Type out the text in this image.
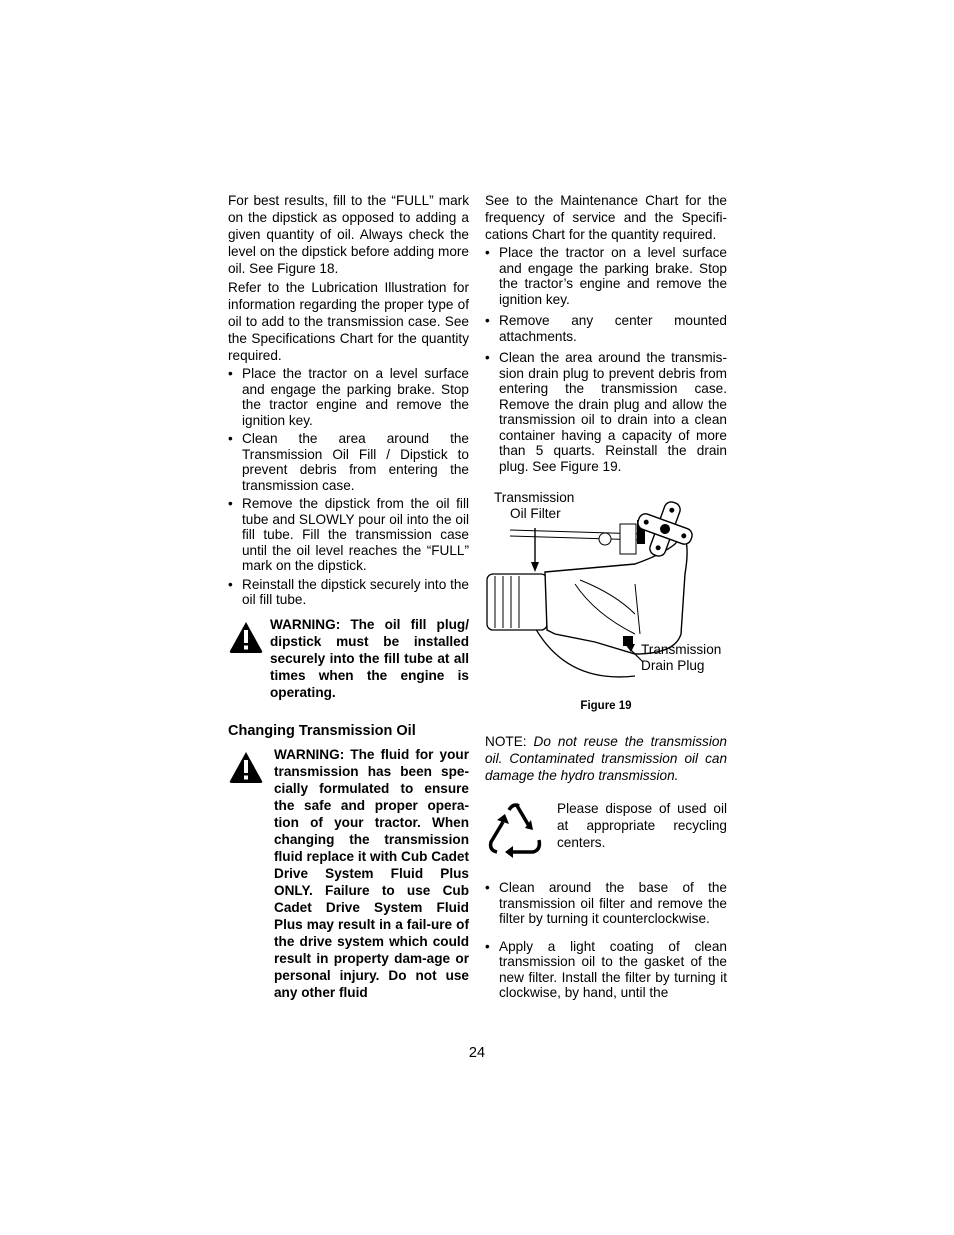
For best results, fill to the “FULL” mark on the dipstick as opposed to adding a given quantity of oil. Always check the level on the dipstick before adding more oil. See Figure 18.

Refer to the Lubrication Illustration for information regarding the proper type of oil to add to the transmission case. See the Specifications Chart for the quantity required.

• Place the tractor on a level surface and engage the parking brake. Stop the tractor engine and remove the ignition key.
• Clean the area around the Transmission Oil Fill / Dipstick to prevent debris from entering the transmission case.
• Remove the dipstick from the oil fill tube and SLOWLY pour oil into the oil fill tube. Fill the transmission case until the oil level reaches the “FULL” mark on the dipstick.
• Reinstall the dipstick securely into the oil fill tube.
WARNING: The oil fill plug/ dipstick must be installed securely into the fill tube at all times when the engine is operating.
Changing Transmission Oil
WARNING: The fluid for your transmission has been spe-cially formulated to ensure the safe and proper opera-tion of your tractor. When changing the transmission fluid replace it with Cub Cadet Drive System Fluid Plus ONLY. Failure to use Cub Cadet Drive System Fluid Plus may result in a fail-ure of the drive system which could result in property dam-age or personal injury. Do not use any other fluid

See to the Maintenance Chart for the frequency of service and the Specifi-cations Chart for the quantity required.

• Place the tractor on a level surface and engage the parking brake. Stop the tractor’s engine and remove the ignition key.
• Remove any center mounted attachments.
• Clean the area around the transmis-sion drain plug to prevent debris from entering the transmission case. Remove the drain plug and allow the transmission oil to drain into a clean container having a capacity of more than 5 quarts. Reinstall the drain plug. See Figure 19.
Transmission
Oil Filter
Transmission
Drain Plug
Figure 19

NOTE: Do not reuse the transmission oil. Contaminated transmission oil can damage the hydro transmission.

Please dispose of used oil at appropriate recycling centers.
• Clean around the base of the transmission oil filter and remove the filter by turning it counterclockwise.
• Apply a light coating of clean transmission oil to the gasket of the new filter. Install the filter by turning it clockwise, by hand, until the
24
